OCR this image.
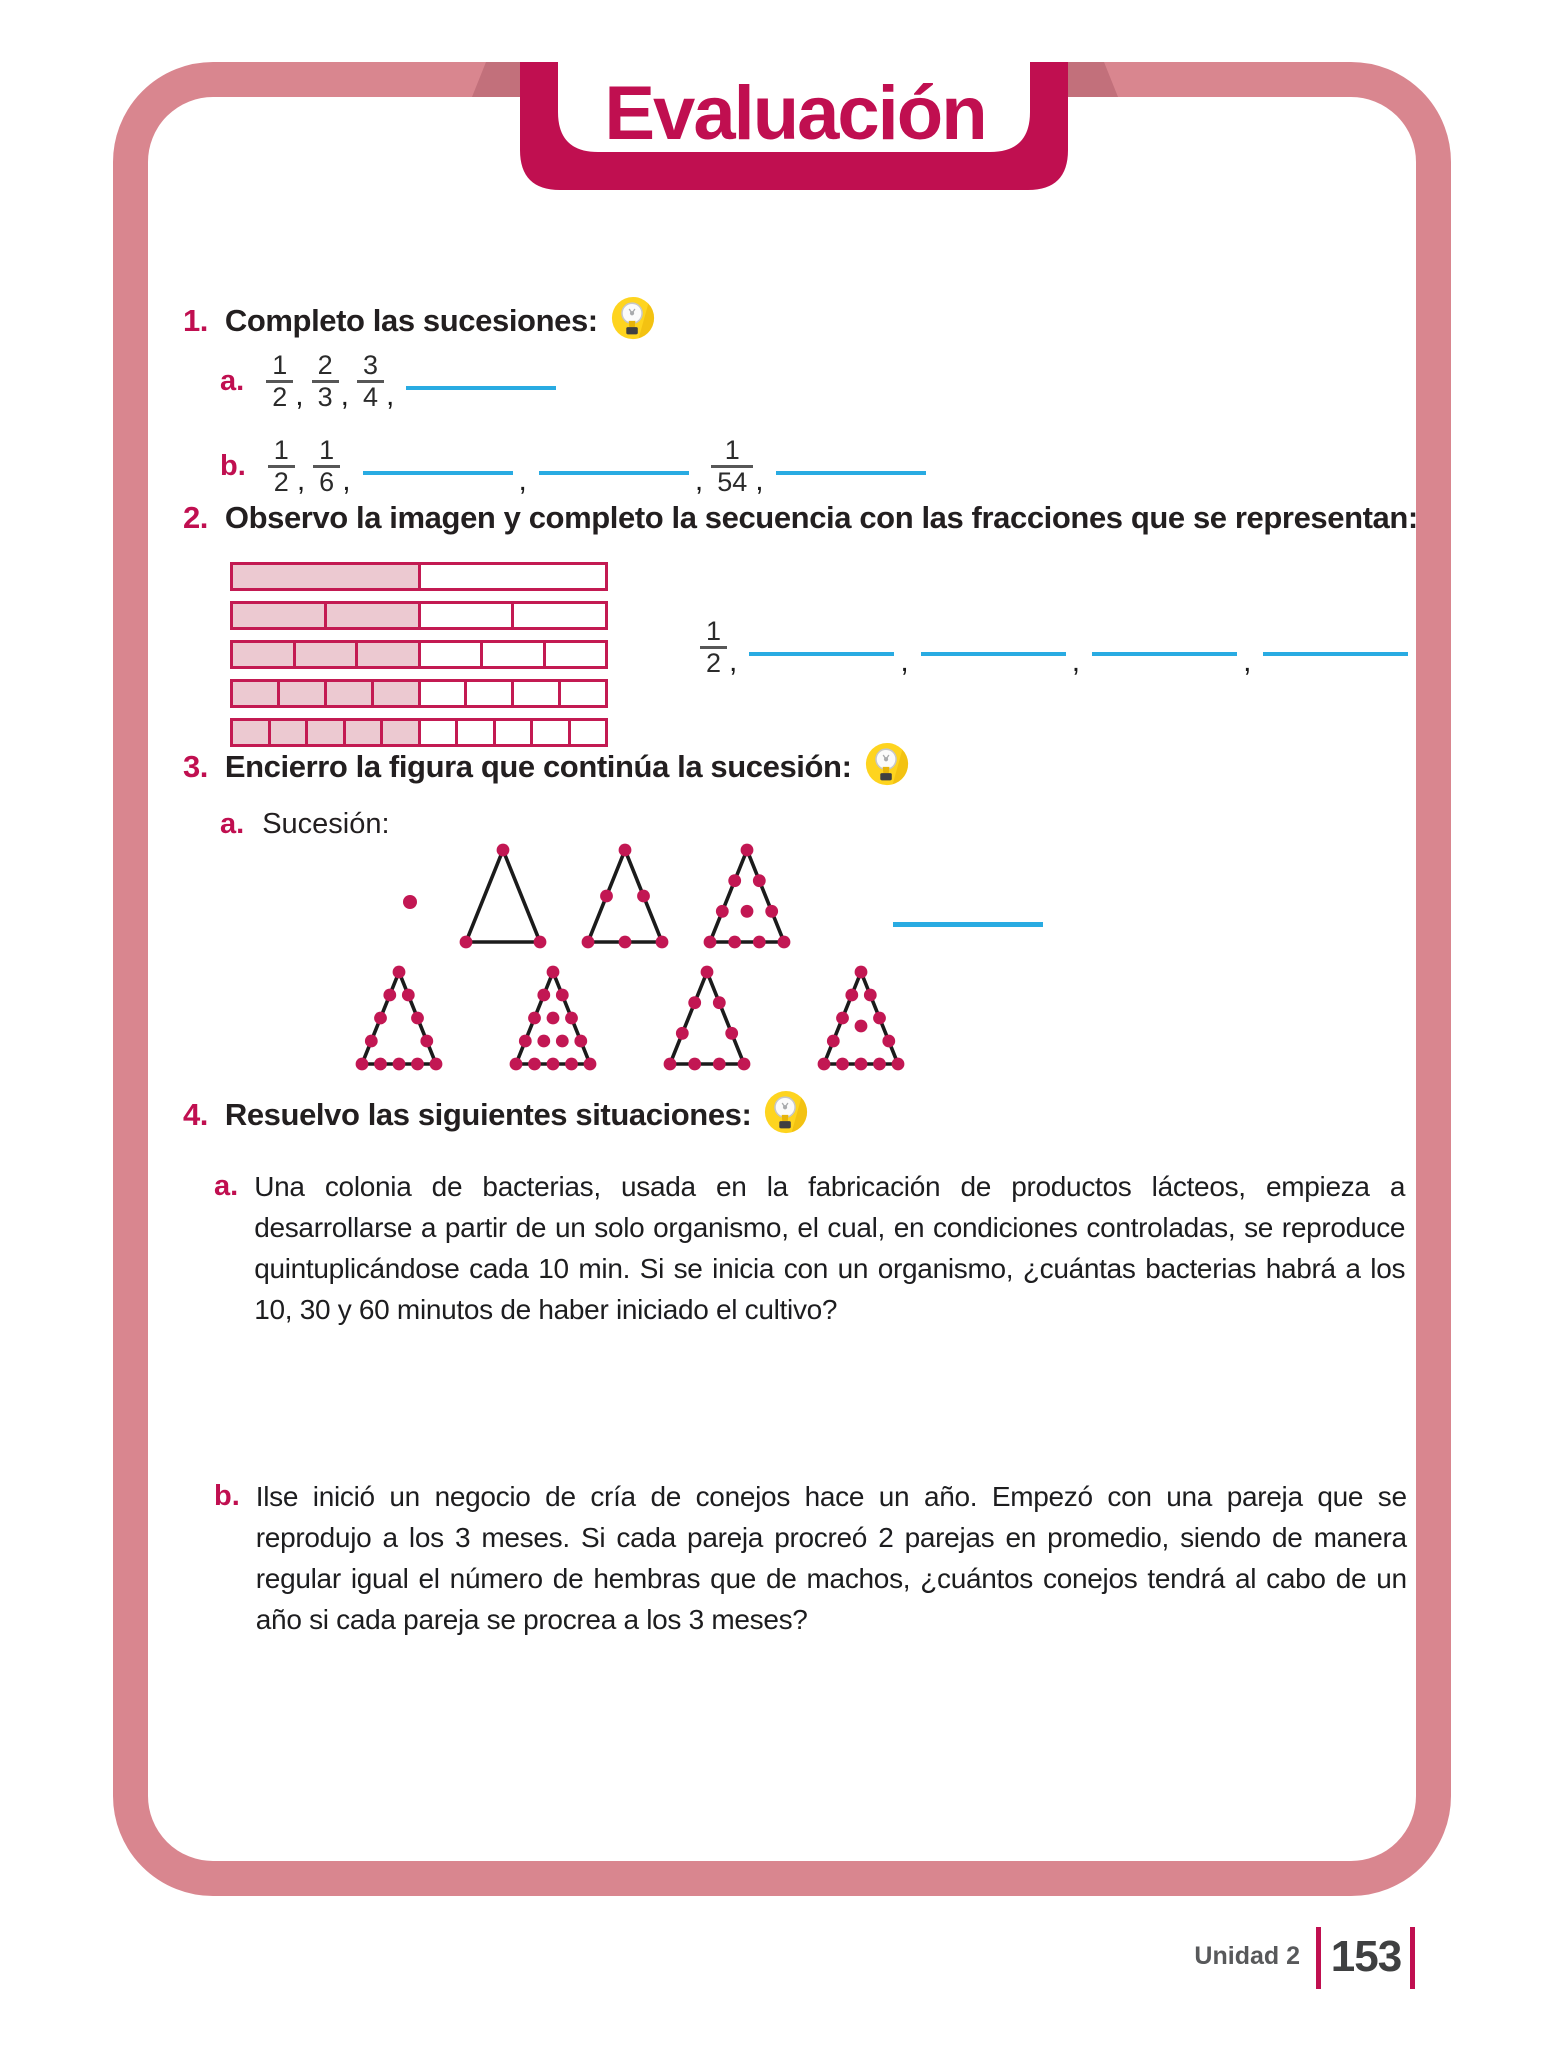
Evaluación
1. Completo las sucesiones:
a. $\frac{1}{2}$ , $\frac{2}{3}$ , $\frac{3}{4}$ ,
b. $\frac{1}{2}$ , $\frac{1}{6}$ ,	,	, $\frac{1}{54}$ ,
2. Observo la imagen y completo la secuencia con las fracciones que se representan:
$\frac{1}{2}$ ,	,	,	,
3. Encierro la figura que continúa la sucesión:
a. Sucesión:
4. Resuelvo las siguientes situaciones:
a. Una colonia de bacterias, usada en la fabricación de productos lácteos, empieza a desarrollarse a partir de un solo organismo, el cual, en condiciones controladas, se reproduce quintuplicándose cada 10 min. Si se inicia con un organismo, ¿cuántas bacterias habrá a los 10, 30 y 60 minutos de haber iniciado el cultivo?

b. Ilse inició un negocio de cría de conejos hace un año. Empezó con una pareja que se reprodujo a los 3 meses. Si cada pareja procreó 2 parejas en promedio, siendo de manera regular igual el número de hembras que de machos, ¿cuántos conejos tendrá al cabo de un año si cada pareja se procrea a los 3 meses?

Unidad 2 153
